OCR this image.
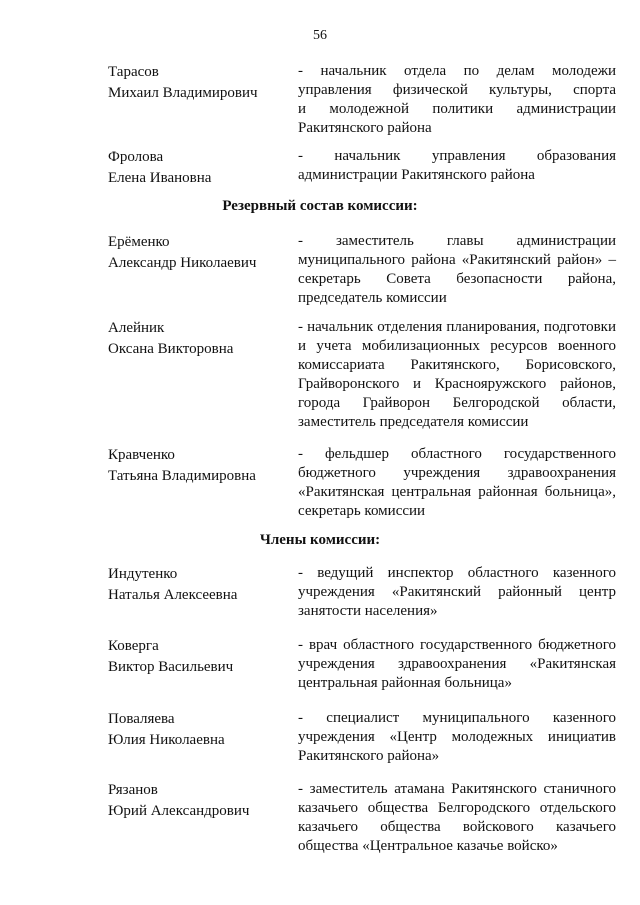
56
Тарасов
Михаил Владимирович
- начальник отдела по делам молодежи
управления физической культуры, спорта
и молодежной политики администрации
Ракитянского района
Фролова
Елена Ивановна
- начальник управления образования
администрации Ракитянского района
Резервный состав комиссии:
Ерёменко
Александр Николаевич
- заместитель главы администрации
муниципального района «Ракитянский район» –
секретарь Совета безопасности района,
председатель комиссии
Алейник
Оксана Викторовна
- начальник отделения планирования, подготовки
и учета мобилизационных ресурсов военного
комиссариата Ракитянского, Борисовского,
Грайворонского и Краснояружского районов,
города Грайворон Белгородской области,
заместитель председателя комиссии
Кравченко
Татьяна Владимировна
- фельдшер областного государственного
бюджетного учреждения здравоохранения
«Ракитянская центральная районная больница»,
секретарь комиссии
Члены комиссии:
Индутенко
Наталья Алексеевна
- ведущий инспектор областного казенного
учреждения «Ракитянский районный центр
занятости населения»
Коверга
Виктор Васильевич
- врач областного государственного бюджетного
учреждения здравоохранения «Ракитянская
центральная районная больница»
Поваляева
Юлия Николаевна
- специалист муниципального казенного
учреждения «Центр молодежных инициатив
Ракитянского района»
Рязанов
Юрий Александрович
- заместитель атамана Ракитянского станичного
казачьего общества Белгородского отдельского
казачьего общества войскового казачьего
общества «Центральное казачье войско»
